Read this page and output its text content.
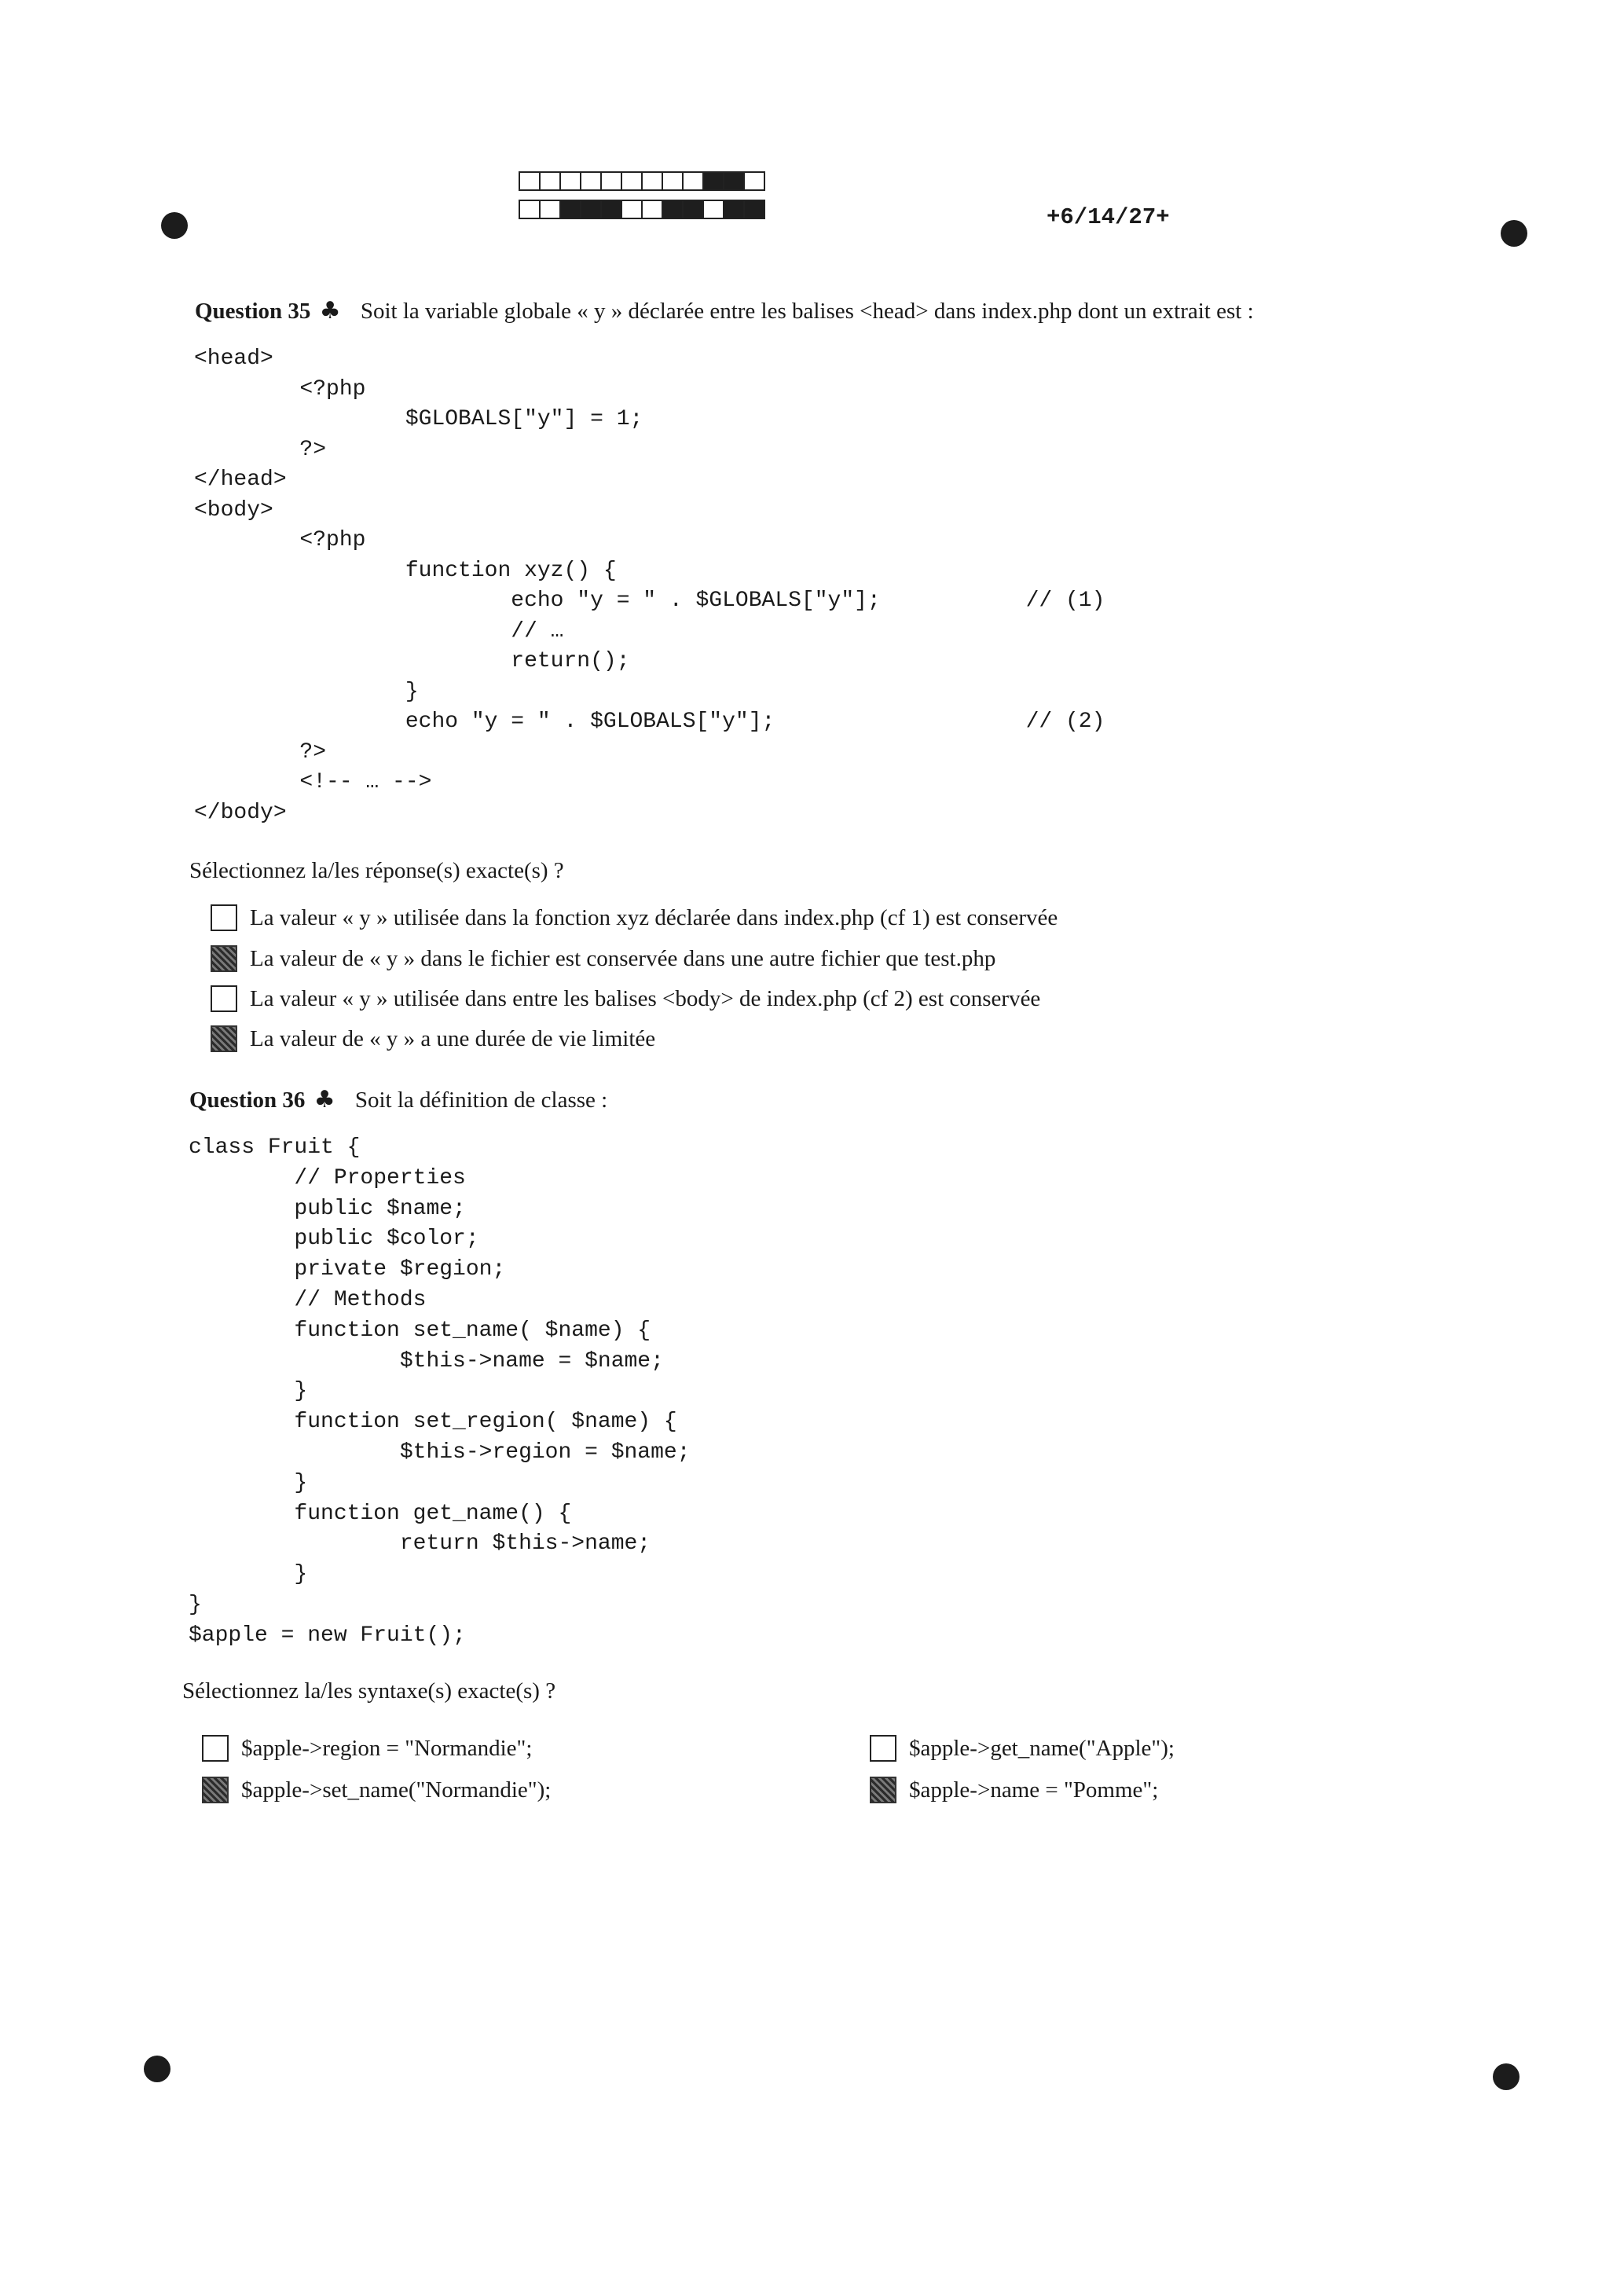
+6/14/27+
Question 35 ♣ Soit la variable globale « y » déclarée entre les balises <head> dans index.php dont un extrait est :
<head>
<?php
$GLOBALS["y"] = 1;
?>
</head>
<body>
<?php
function xyz() {
echo "y = " . $GLOBALS["y"];           // (1)
// …
return();
}
echo "y = " . $GLOBALS["y"];                   // (2)
?>
<!-- … -->
</body>
Sélectionnez la/les réponse(s) exacte(s) ?
La valeur « y » utilisée dans la fonction xyz déclarée dans index.php (cf 1) est conservée
La valeur de « y » dans le fichier est conservée dans une autre fichier que test.php
La valeur « y » utilisée dans entre les balises <body> de index.php (cf 2) est conservée
La valeur de « y » a une durée de vie limitée
Question 36 ♣ Soit la définition de classe :
class Fruit {
// Properties
public $name;
public $color;
private $region;
// Methods
function set_name( $name) {
$this->name = $name;
}
function set_region( $name) {
$this->region = $name;
}
function get_name() {
return $this->name;
}
}
$apple = new Fruit();
Sélectionnez la/les syntaxe(s) exacte(s) ?
$apple->region = "Normandie";
$apple->set_name("Normandie");
$apple->get_name("Apple");
$apple->name = "Pomme";
